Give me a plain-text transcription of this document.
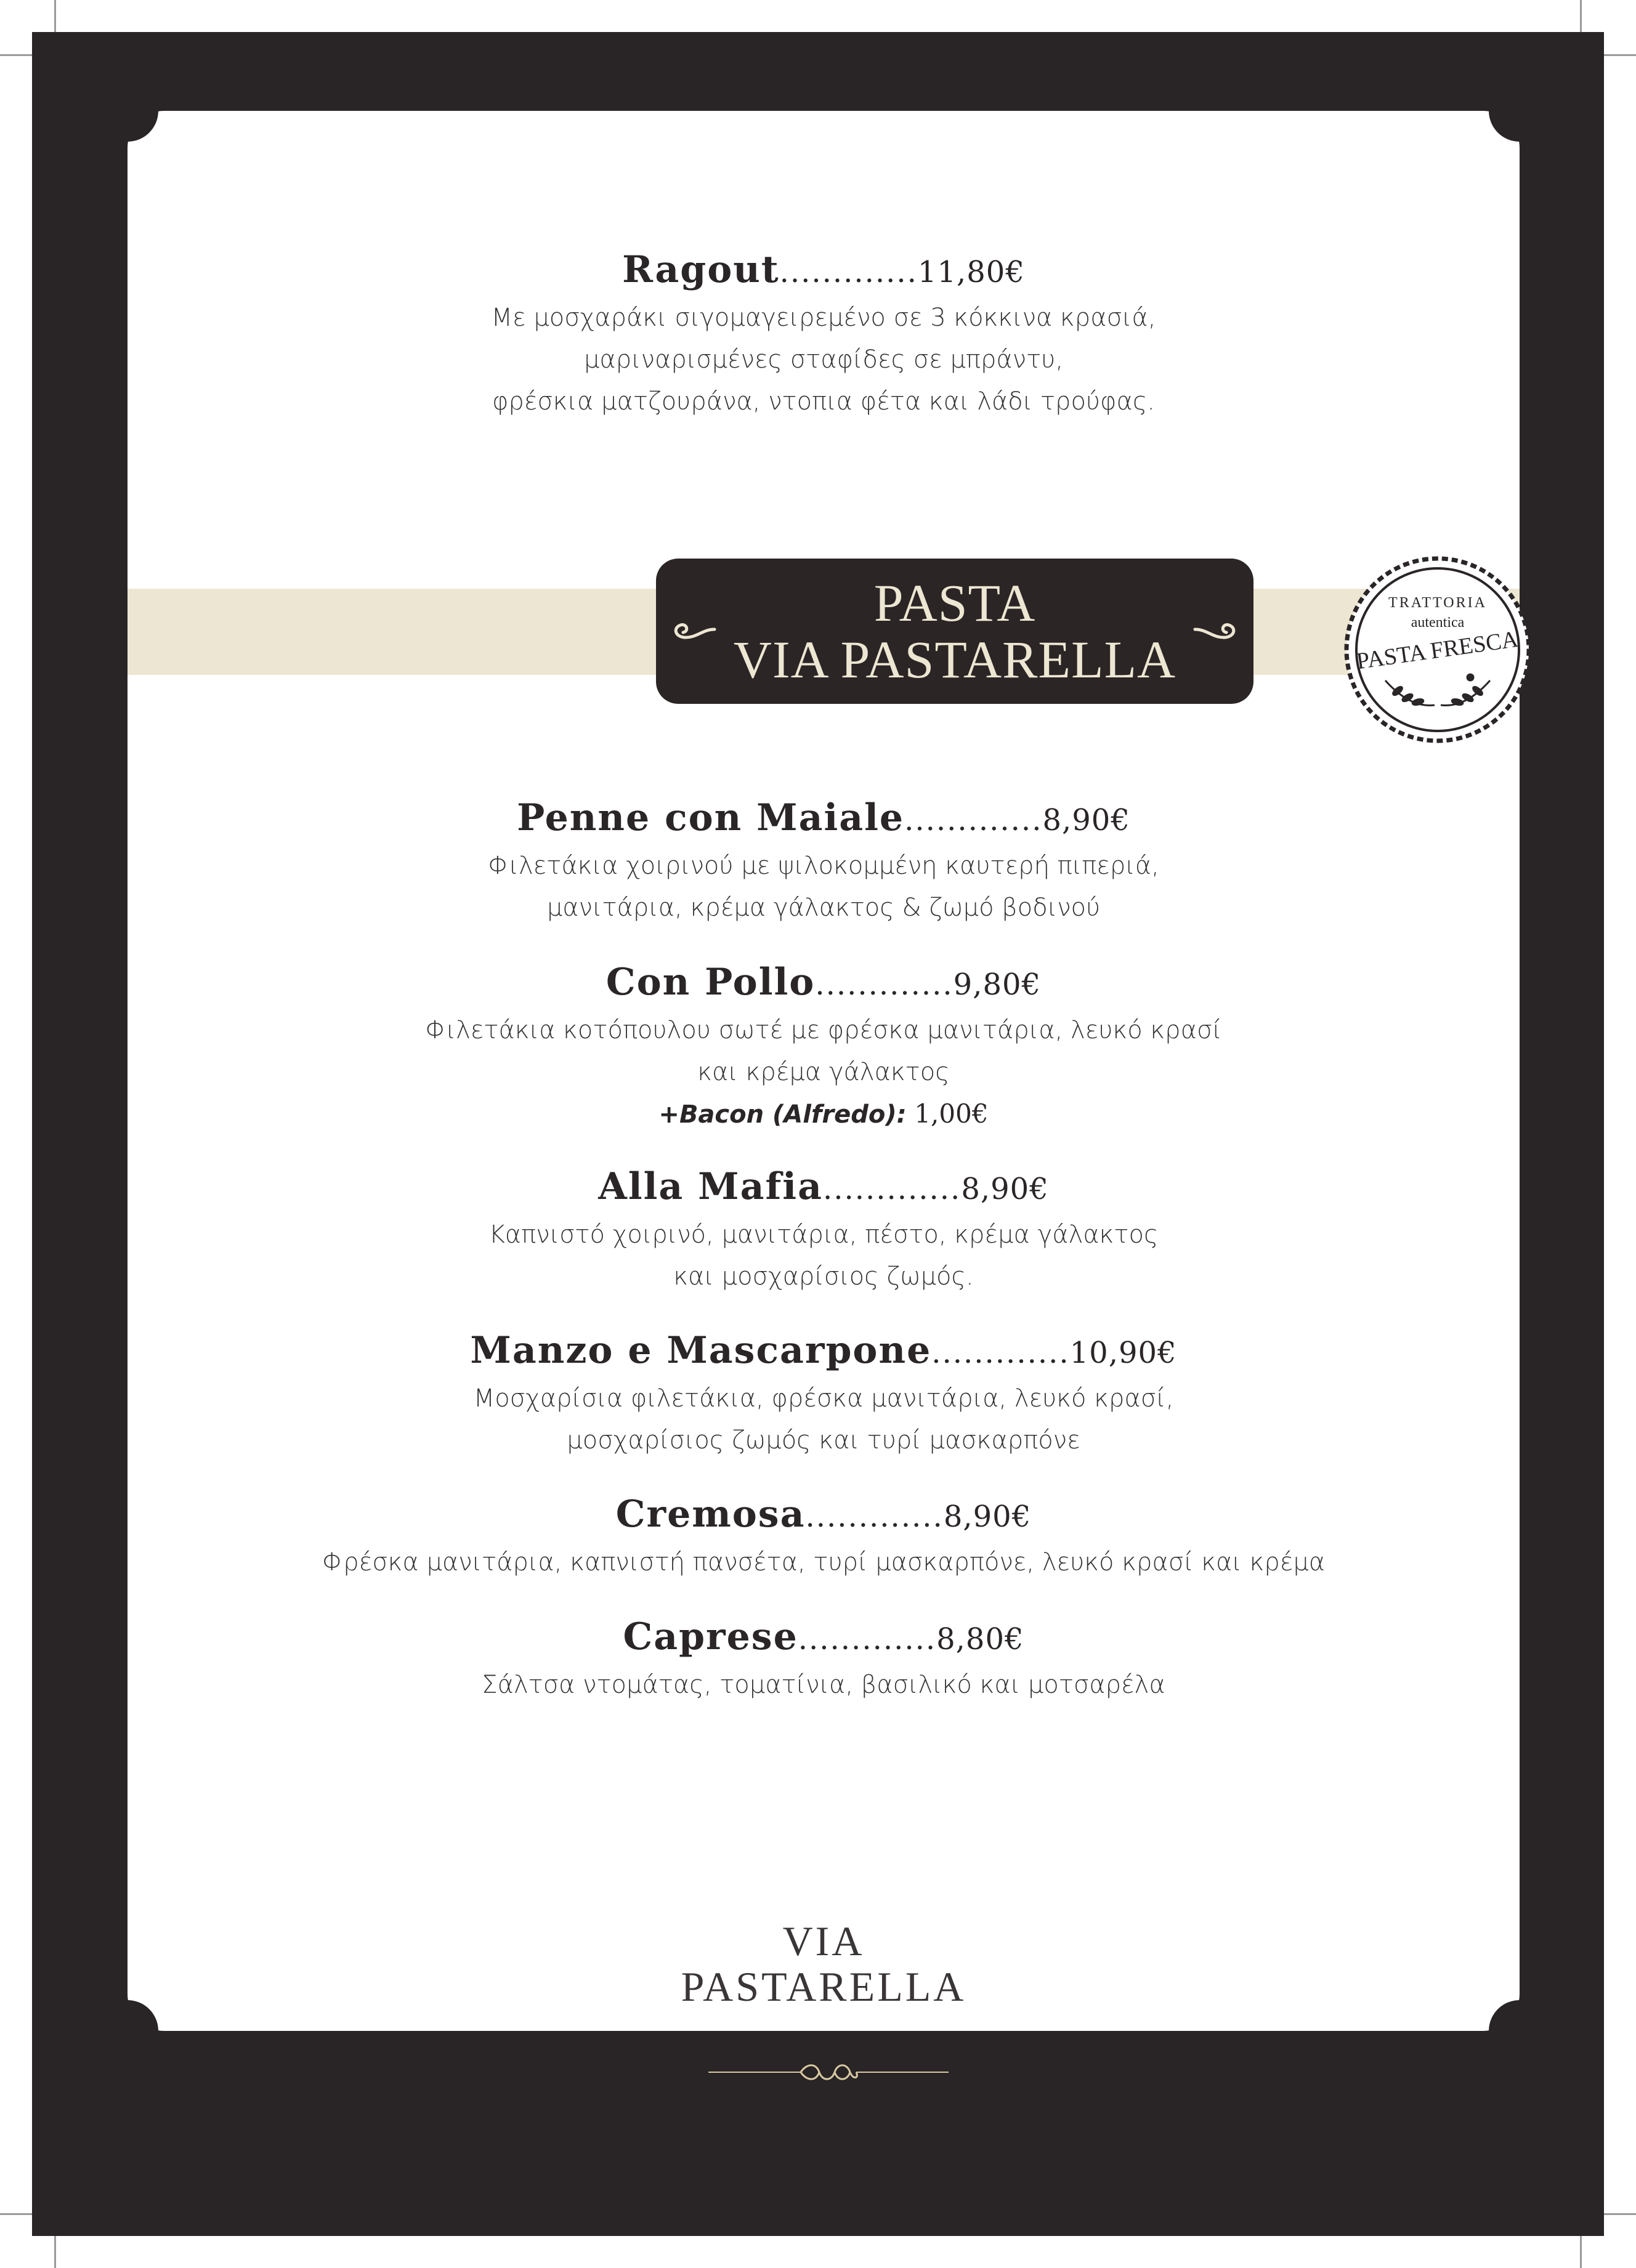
Ragout.............11,80€
Με μοσχαράκι σιγομαγειρεμένο σε 3 κόκκινα κρασιά,
μαριναρισμένες σταφίδες σε μπράντυ,
φρέσκια ματζουράνα, ντοπια φέτα και λάδι τρούφας.
PASTA
VIA PASTARELLA
TRATTORIA
autentica
PASTA FRESCA
Penne con Maiale.............8,90€
Φιλετάκια χοιρινού με ψιλοκομμένη καυτερή πιπεριά,
μανιτάρια, κρέμα γάλακτος & ζωμό βοδινού
Con Pollo.............9,80€
Φιλετάκια κοτόπουλου σωτέ με φρέσκα μανιτάρια, λευκό κρασί
και κρέμα γάλακτος
+Bacon (Alfredo): 1,00€
Alla Mafia.............8,90€
Καπνιστό χοιρινό, μανιτάρια, πέστο, κρέμα γάλακτος
και μοσχαρίσιος ζωμός.
Manzo e Mascarpone.............10,90€
Μοσχαρίσια φιλετάκια, φρέσκα μανιτάρια, λευκό κρασί,
μοσχαρίσιος ζωμός και τυρί μασκαρπόνε
Cremosa.............8,90€
Φρέσκα μανιτάρια, καπνιστή πανσέτα, τυρί μασκαρπόνε, λευκό κρασί και κρέμα
Caprese.............8,80€
Σάλτσα ντομάτας, τοματίνια, βασιλικό και μοτσαρέλα
VIA
PASTARELLA
